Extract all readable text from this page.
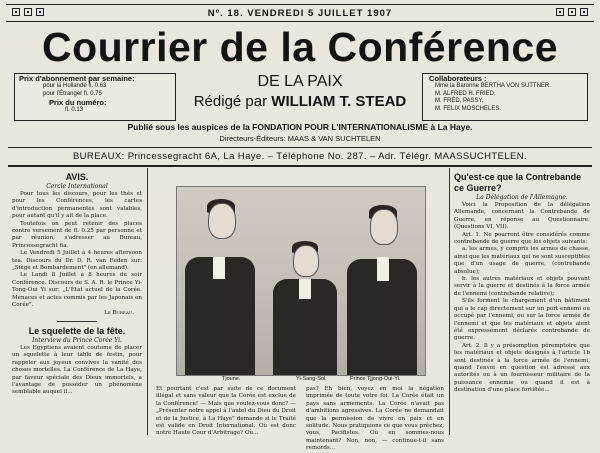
Nº. 18. VENDREDI 5 JUILLET 1907
Courrier de la Conférence
Prix d'abonnement par semaine:
pour la Hollande fl. 0.63
pour l'Étranger fl. 0.75
Prix du numéro:
fl. 0.13
DE LA PAIX
Rédigé par WILLIAM T. STEAD
Collaborateurs :
Mme la Baronne BERTHA VON SUTTNER.
M. ALFRED H. FRIED,
M. FRÉD. PASSY,
M. FELIX MOSCHELES.
Publié sous les auspices de la FONDATION POUR L'INTERNATIONALISME à La Haye.
Directeurs-Éditeurs: MAAS & VAN SUCHTELEN
BUREAUX: Princessegracht 6A, La Haye. – Téléphone No. 287. – Adr. Télégr. MAASSUCHTELEN.
AVIS.
Cercle International

Pour tous les discours, pour les thés et pour les Conférences, les cartes d'introduction permanentes sont valables, pour autant qu'il y ait de la place.

Toutefois on peut retenir des places contre versement de fl. 0.25 par personne et par réunion; s'adresser au Bureau, Princessegracht 6a.

Le Vendredi 5 Juillet à 4 heures aftersoon tea. Discours du Dr. D. R. van Eeden sur: „Siège et Bombardement" (en allemand).

Le Landi 8 Juillet à 8 heures du soir Conférence. Discours de S. A. R. le Prince Yi-Tong-Oui Yi sur: „L'État actuel de la Corée. Menaces et actes commis par les Japonais en Corée".

Le Bureau.
Le squelette de la fête.
Interview du Prince Corée Yi.

Les Egyptiens avaient coutume de placer un squelette à leur table de festin, pour rappeler aux joyeux convives la vanité des choses mortelles. La Conférence de La Haye, par faveur spéciale des Dieux immortels, a l'avantage de posséder un phénomène semblable auquel il...

Tjoune.	Yi-Sang-Sol.	Prince Tjjong-Oui-Yi.
Et pourtant c'est par suite de ce document illégal et sans valeur que la Corée est exclue de la Conférence! — Mais que voulez-vous donc? — „Présenter notre appel à l'autel du Dieu du Droit et de la Justice, à La Haye" demande si le Traité est valide en Droit International. Où est donc notre Haute Cour d'Arbitrage? Où...
pas? Eh bien, voyez en moi la négation imprimée de toute votre foi. La Corée était un pays sans armements. La Corée n'avait pas d'ambitions agressives. La Corée ne demandait que la permission de vivre en paix et en solitude. Nous pratiquions ce que vous prêchez, vous, Pacifistes. Où en sommes-nous maintenant? Non, non, — continue-t-il sans remords...
Qu'est-ce que la Contrebande ce Guerre?
La Délégation de l'Allemagne.

Voici la Proposition de la délégation Allemande, concernant la Contrebande de Guerre, en réponse au Questionnaire: (Questions VI, VII).

Art. 1. Ne pourront être considérés comme contrebande de guerre que les objets suivants:

a. les armes, y compris les armes de chasse, ainsi que les matériaux qui ne sont susceptibles que d'un usage de guerre, (contrebande absolue);

b. les autres matériaux et objets pouvant servir à la guerre et destinés à la force armée de l'ennemi (contrebande relative);

S'ils forment le chargement d'un bâtiment qui a le cap directement sur un port ennemi ou occupé par l'ennemi, ou sur la force armée de l'ennemi et que les matériaux et objets aient été expressément déclarés contrebande de guerre.

Art. 2. Il y a présomption péremptoire que les matériaux et objets désignés à l'article 1b sont destinés à la force armée de l'ennemi, quand l'envoi en question est adressé aux autorités ou à un fournisseur militaire de la puissance ennemie ou quand il est à destination d'une place fortifiée...
